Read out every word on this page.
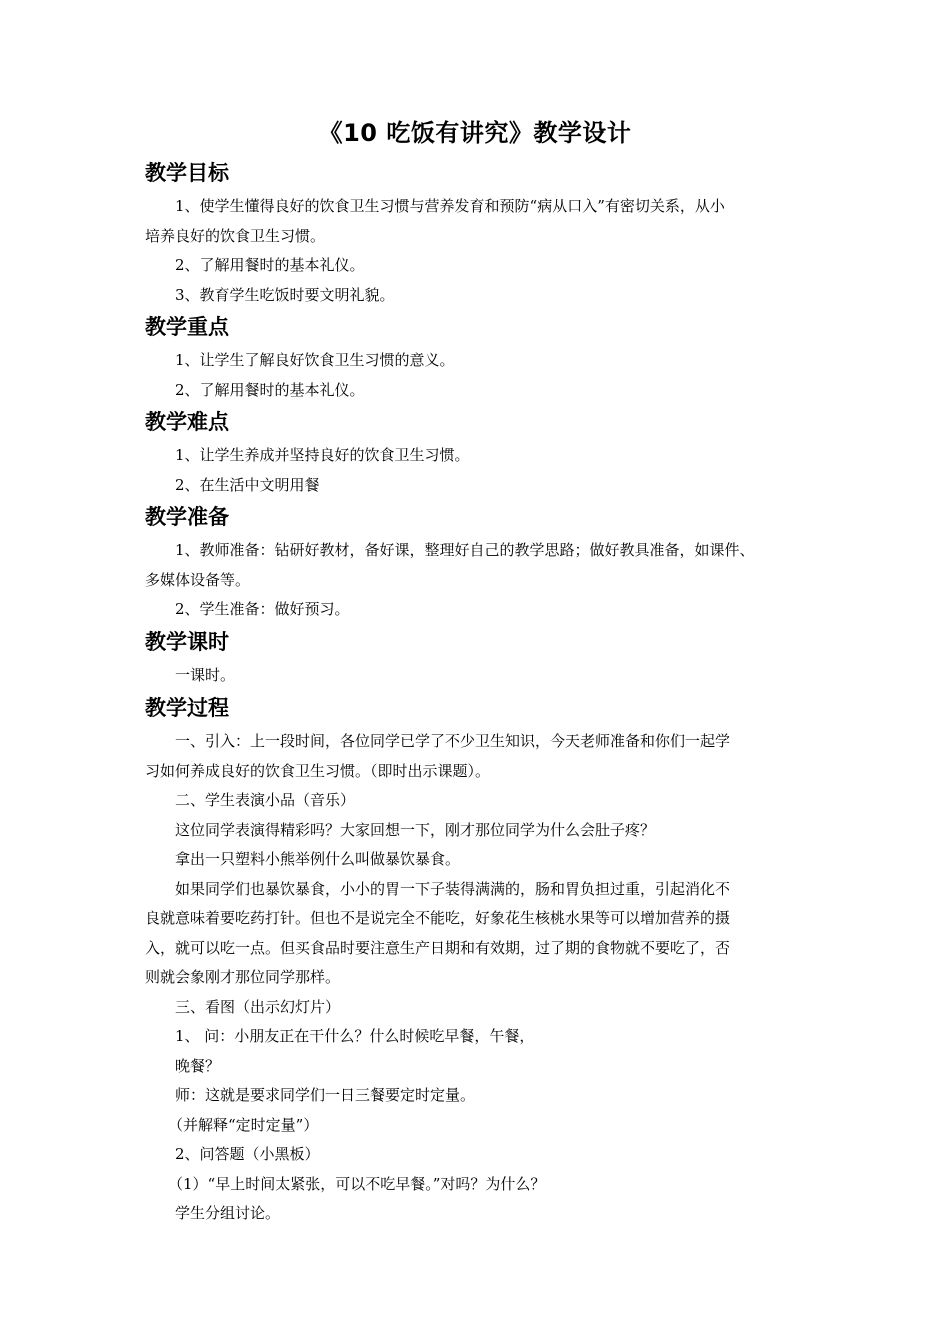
《10 吃饭有讲究》教学设计
教学目标

1、使学生懂得良好的饮食卫生习惯与营养发育和预防“病从口入”有密切关系，从小

培养良好的饮食卫生习惯。

2、了解用餐时的基本礼仪。

3、教育学生吃饭时要文明礼貌。

教学重点

1、让学生了解良好饮食卫生习惯的意义。

2、了解用餐时的基本礼仪。

教学难点

1、让学生养成并坚持良好的饮食卫生习惯。

2、在生活中文明用餐

教学准备

1、教师准备：钻研好教材，备好课，整理好自己的教学思路；做好教具准备，如课件、

多媒体设备等。

2、学生准备：做好预习。

教学课时

一课时。

教学过程

一、引入：上一段时间，各位同学已学了不少卫生知识，今天老师准备和你们一起学

习如何养成良好的饮食卫生习惯。（即时出示课题）。

二、学生表演小品（音乐）

这位同学表演得精彩吗？大家回想一下，刚才那位同学为什么会肚子疼？

拿出一只塑料小熊举例什么叫做暴饮暴食。

如果同学们也暴饮暴食，小小的胃一下子装得满满的，肠和胃负担过重，引起消化不

良就意味着要吃药打针。但也不是说完全不能吃，好象花生核桃水果等可以增加营养的摄

入，就可以吃一点。但买食品时要注意生产日期和有效期，过了期的食物就不要吃了，否

则就会象刚才那位同学那样。

三、看图（出示幻灯片）

1、 问：小朋友正在干什么？什么时候吃早餐，午餐，

晚餐？

师：这就是要求同学们一日三餐要定时定量。

（并解释“定时定量”）

2、问答题（小黑板）

（1）“早上时间太紧张，可以不吃早餐。”对吗？为什么？

学生分组讨论。
